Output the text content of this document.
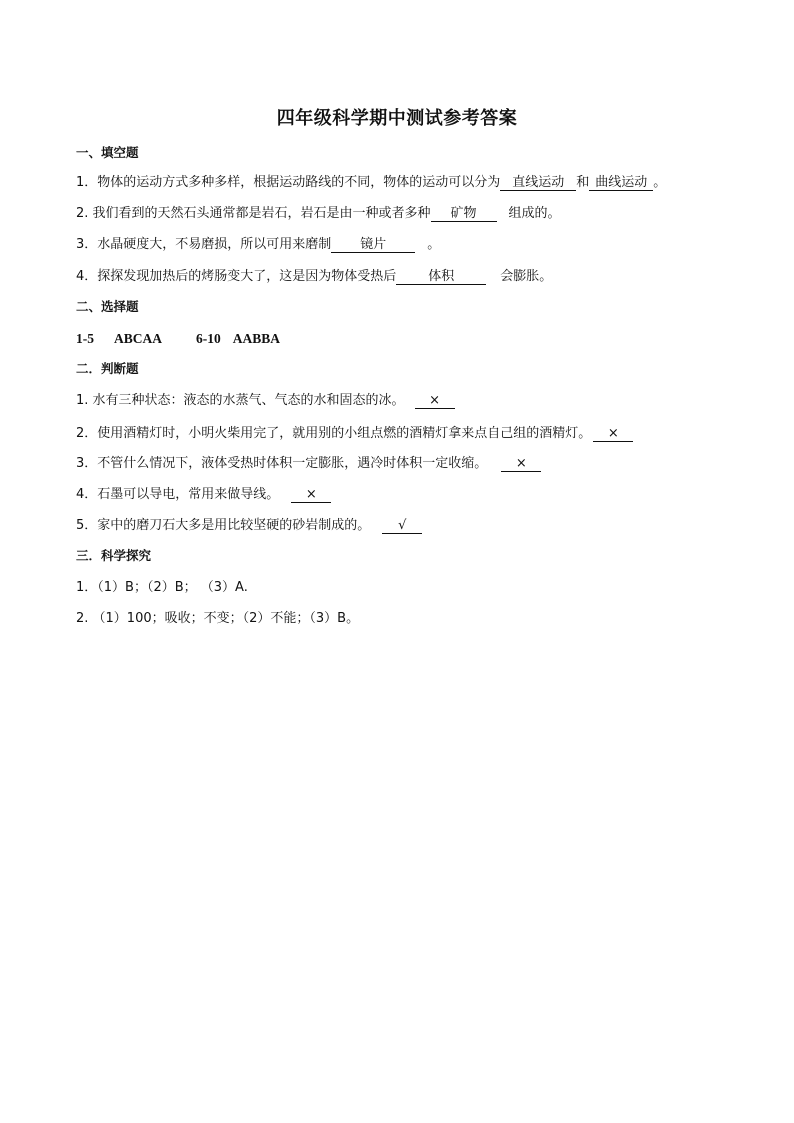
四年级科学期中测试参考答案
一、填空题
1．物体的运动方式多种多样，根据运动路线的不同，物体的运动可以分为 直线运动 和 曲线运动 。
2. 我们看到的天然石头通常都是岩石，岩石是由一种或者多种 矿物 组成的。
3．水晶硬度大，不易磨损，所以可用来磨制 镜片	。
4．探探发现加热后的烤肠变大了，这是因为物体受热后 体积	会膨胀。
二、选择题
1-5 ABCAA	6-10 AABBA
二．判断题
1. 水有三种状态：液态的水蒸气、气态的水和固态的冰。 ×
2．使用酒精灯时，小明火柴用完了，就用别的小组点燃的酒精灯拿来点自己组的酒精灯。 ×
3．不管什么情况下，液体受热时体积一定膨胀，遇冷时体积一定收缩。 ×
4．石墨可以导电，常用来做导线。 ×
5．家中的磨刀石大多是用比较坚硬的砂岩制成的。 √
三．科学探究
1．（1）B；（2）B； （3）A.
2. （1）100；吸收；不变；（2）不能；（3）B。
